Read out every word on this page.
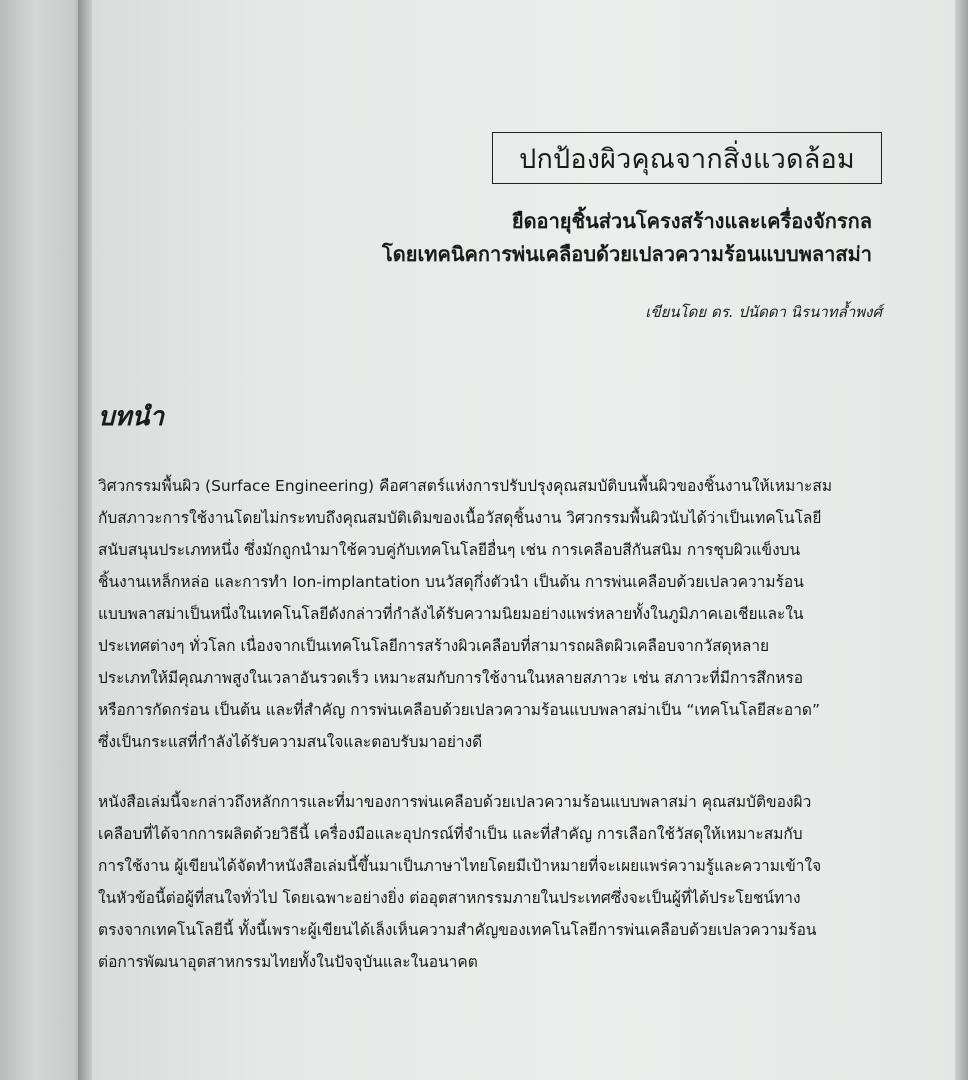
ปกป้องผิวคุณจากสิ่งแวดล้อม
ยืดอายุชิ้นส่วนโครงสร้างและเครื่องจักรกล
โดยเทคนิคการพ่นเคลือบด้วยเปลวความร้อนแบบพลาสม่า
เขียนโดย ดร. ปนัดดา นิรนาทล้ำพงศ์
บทนำ
วิศวกรรมพื้นผิว (Surface Engineering) คือศาสตร์แห่งการปรับปรุงคุณสมบัติบนพื้นผิวของชิ้นงานให้เหมาะสม
กับสภาวะการใช้งานโดยไม่กระทบถึงคุณสมบัติเดิมของเนื้อวัสดุชิ้นงาน วิศวกรรมพื้นผิวนับได้ว่าเป็นเทคโนโลยี
สนับสนุนประเภทหนึ่ง ซึ่งมักถูกนำมาใช้ควบคู่กับเทคโนโลยีอื่นๆ เช่น การเคลือบสีกันสนิม การชุบผิวแข็งบน
ชิ้นงานเหล็กหล่อ และการทำ Ion-implantation บนวัสดุกึ่งตัวนำ เป็นต้น การพ่นเคลือบด้วยเปลวความร้อน
แบบพลาสม่าเป็นหนึ่งในเทคโนโลยีดังกล่าวที่กำลังได้รับความนิยมอย่างแพร่หลายทั้งในภูมิภาคเอเชียและใน
ประเทศต่างๆ ทั่วโลก เนื่องจากเป็นเทคโนโลยีการสร้างผิวเคลือบที่สามารถผลิตผิวเคลือบจากวัสดุหลาย
ประเภทให้มีคุณภาพสูงในเวลาอันรวดเร็ว เหมาะสมกับการใช้งานในหลายสภาวะ เช่น สภาวะที่มีการสึกหรอ
หรือการกัดกร่อน เป็นต้น และที่สำคัญ การพ่นเคลือบด้วยเปลวความร้อนแบบพลาสม่าเป็น “เทคโนโลยีสะอาด”
ซึ่งเป็นกระแสที่กำลังได้รับความสนใจและตอบรับมาอย่างดี
หนังสือเล่มนี้จะกล่าวถึงหลักการและที่มาของการพ่นเคลือบด้วยเปลวความร้อนแบบพลาสม่า คุณสมบัติของผิว
เคลือบที่ได้จากการผลิตด้วยวิธีนี้ เครื่องมือและอุปกรณ์ที่จำเป็น และที่สำคัญ การเลือกใช้วัสดุให้เหมาะสมกับ
การใช้งาน ผู้เขียนได้จัดทำหนังสือเล่มนี้ขึ้นมาเป็นภาษาไทยโดยมีเป้าหมายที่จะเผยแพร่ความรู้และความเข้าใจ
ในหัวข้อนี้ต่อผู้ที่สนใจทั่วไป โดยเฉพาะอย่างยิ่ง ต่ออุตสาหกรรมภายในประเทศซึ่งจะเป็นผู้ที่ได้ประโยชน์ทาง
ตรงจากเทคโนโลยีนี้ ทั้งนี้เพราะผู้เขียนได้เล็งเห็นความสำคัญของเทคโนโลยีการพ่นเคลือบด้วยเปลวความร้อน
ต่อการพัฒนาอุตสาหกรรมไทยทั้งในปัจจุบันและในอนาคต
